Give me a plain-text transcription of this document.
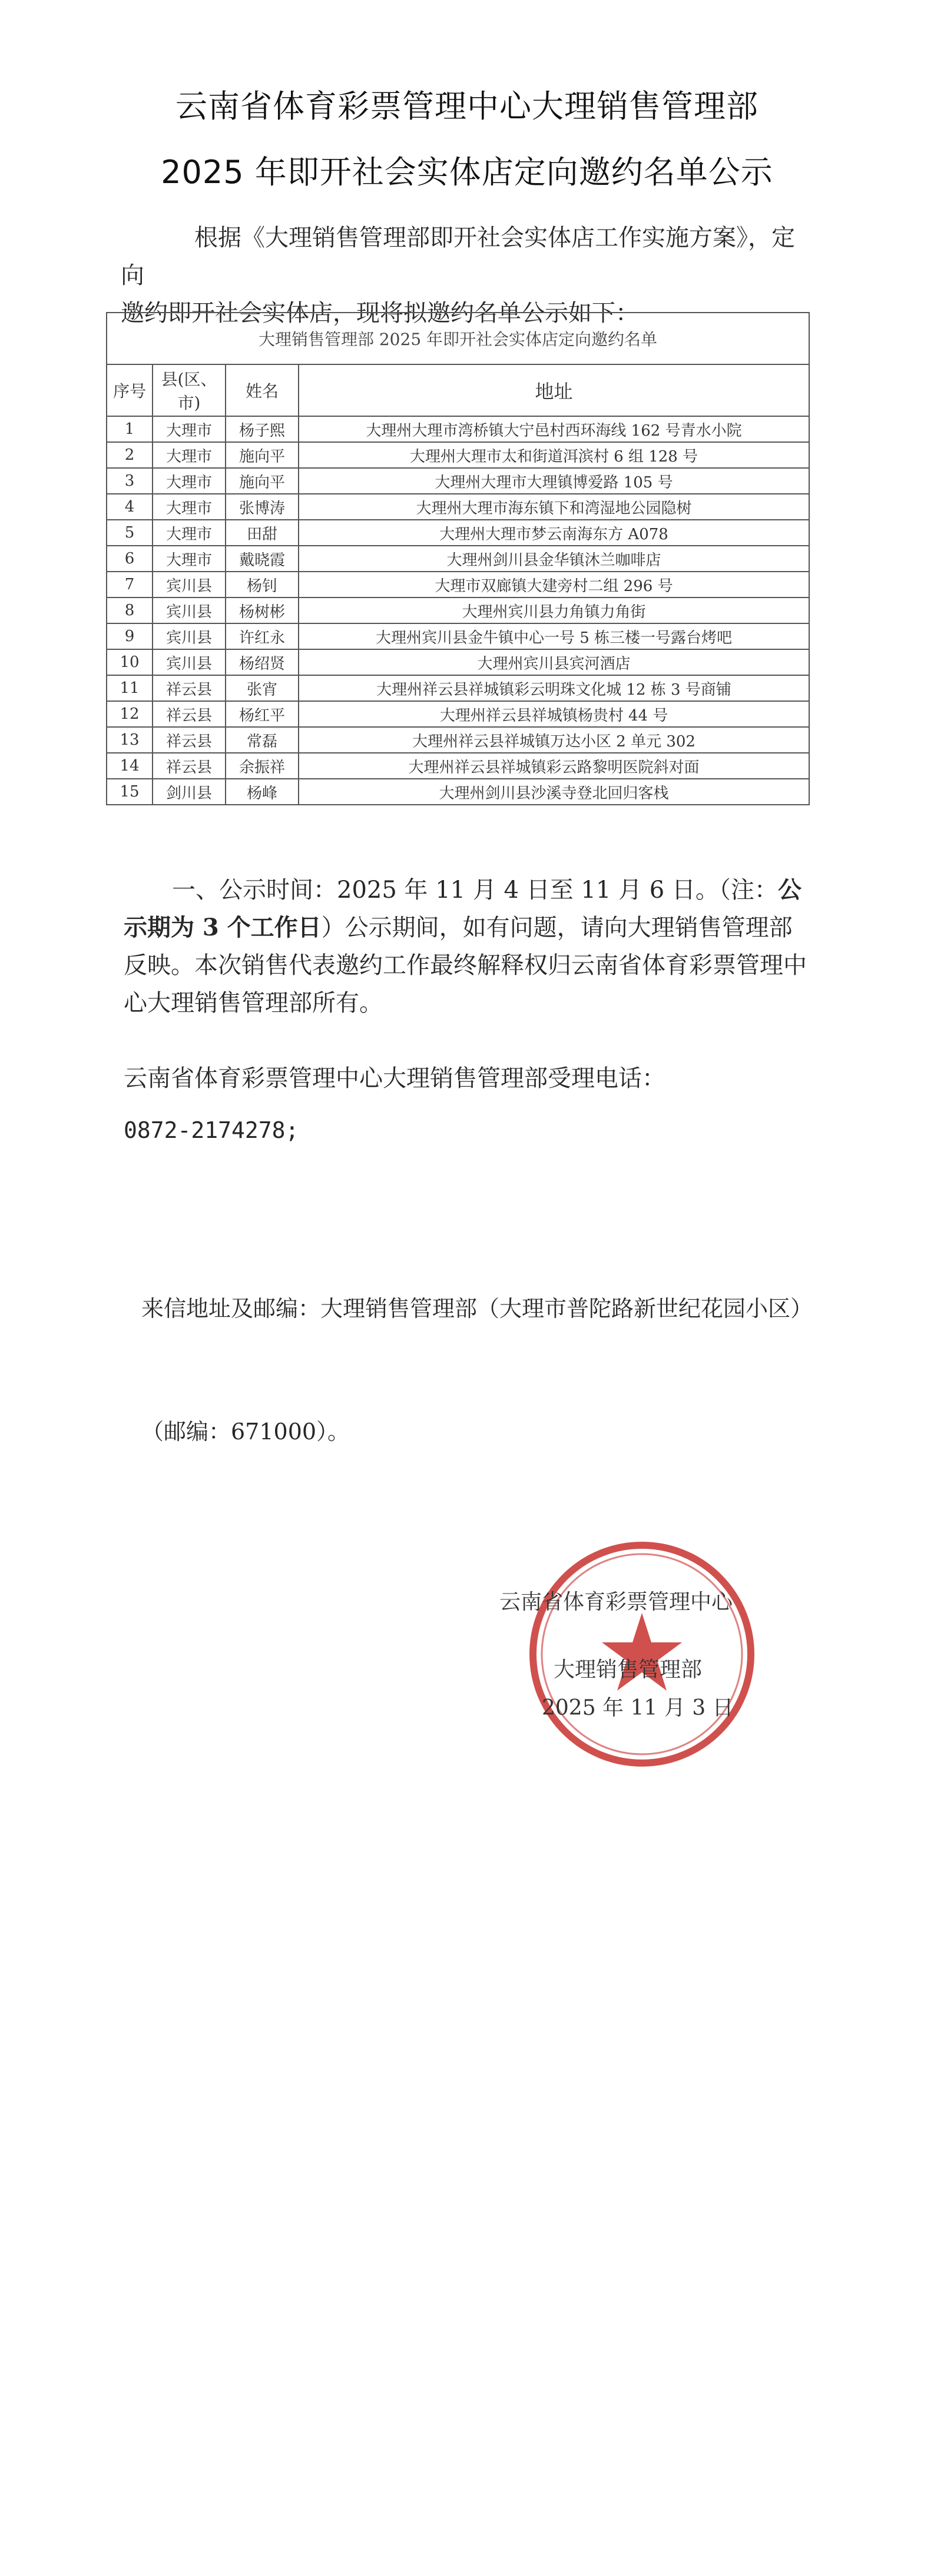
云南省体育彩票管理中心大理销售管理部
2025 年即开社会实体店定向邀约名单公示
根据《大理销售管理部即开社会实体店工作实施方案》，定向
邀约即开社会实体店，现将拟邀约名单公示如下：
大理销售管理部 2025 年即开社会实体店定向邀约名单			
序号	县(区、市)	姓名	地址
1	大理市	杨子熙	大理州大理市湾桥镇大宁邑村西环海线 162 号青水小院
2	大理市	施向平	大理州大理市太和街道洱滨村 6 组 128 号
3	大理市	施向平	大理州大理市大理镇博爱路 105 号
4	大理市	张博涛	大理州大理市海东镇下和湾湿地公园隐树
5	大理市	田甜	大理州大理市梦云南海东方 A078
6	大理市	戴晓霞	大理州剑川县金华镇沐兰咖啡店
7	宾川县	杨钊	大理市双廊镇大建旁村二组 296 号
8	宾川县	杨树彬	大理州宾川县力角镇力角街
9	宾川县	许红永	大理州宾川县金牛镇中心一号 5 栋三楼一号露台烤吧
10	宾川县	杨绍贤	大理州宾川县宾河酒店
11	祥云县	张宵	大理州祥云县祥城镇彩云明珠文化城 12 栋 3 号商铺
12	祥云县	杨红平	大理州祥云县祥城镇杨贵村 44 号
13	祥云县	常磊	大理州祥云县祥城镇万达小区 2 单元 302
14	祥云县	余振祥	大理州祥云县祥城镇彩云路黎明医院斜对面
15	剑川县	杨峰	大理州剑川县沙溪寺登北回归客栈
一、公示时间：2025 年 11 月 4 日至 11 月 6 日。（注：公示期为 3 个工作日）公示期间，如有问题，请向大理销售管理部反映。本次销售代表邀约工作最终解释权归云南省体育彩票管理中心大理销售管理部所有。
云南省体育彩票管理中心大理销售管理部受理电话：
0872-2174278;
来信地址及邮编：大理销售管理部（大理市普陀路新世纪花园小区）
（邮编：671000）。
云南省体育彩票管理中心
大理销售管理部
2025 年 11 月 3 日
